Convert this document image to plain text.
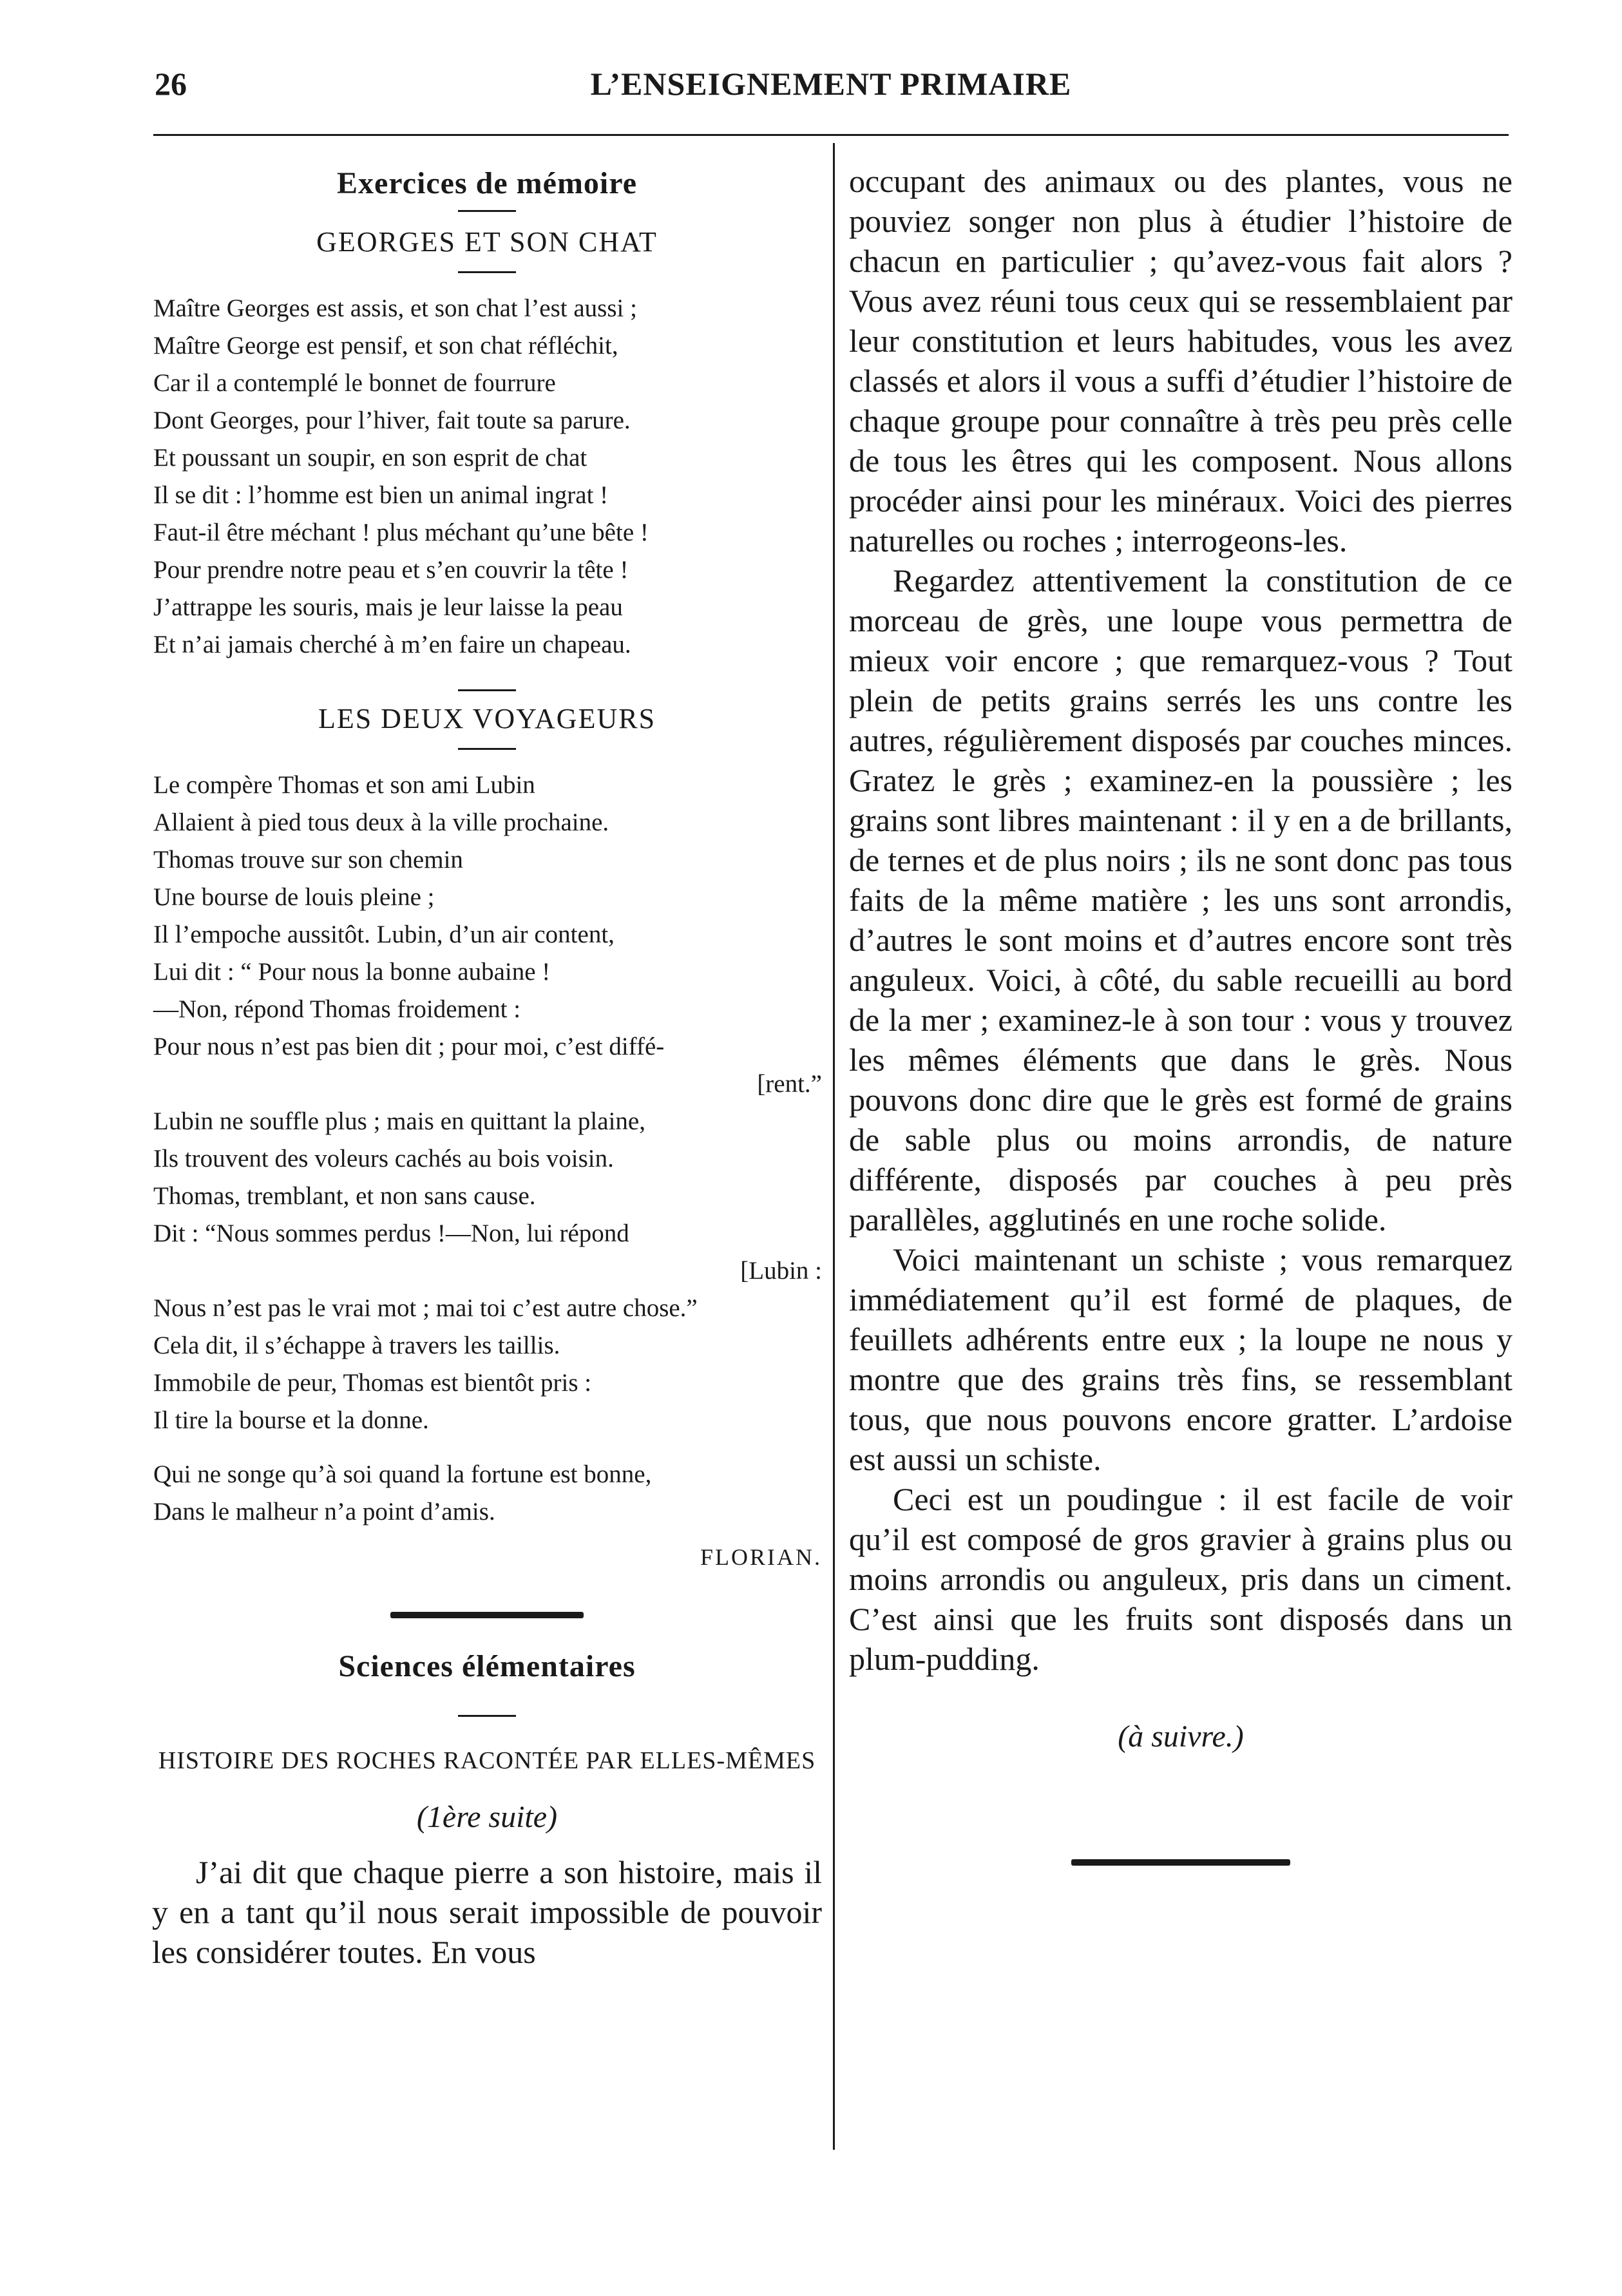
26	L’ENSEIGNEMENT PRIMAIRE
Exercices de mémoire
GEORGES ET SON CHAT
Maître Georges est assis, et son chat l’est aussi ;
Maître George est pensif, et son chat réfléchit,
Car il a contemplé le bonnet de fourrure
Dont Georges, pour l’hiver, fait toute sa parure.
Et poussant un soupir, en son esprit de chat
Il se dit : l’homme est bien un animal ingrat !
Faut-il être méchant ! plus méchant qu’une bête !
Pour prendre notre peau et s’en couvrir la tête !
J’attrappe les souris, mais je leur laisse la peau
Et n’ai jamais cherché à m’en faire un chapeau.
LES DEUX VOYAGEURS
Le compère Thomas et son ami Lubin
Allaient à pied tous deux à la ville prochaine.
Thomas trouve sur son chemin
Une bourse de louis pleine ;
Il l’empoche aussitôt. Lubin, d’un air content,
Lui dit : “ Pour nous la bonne aubaine !
—Non, répond Thomas froidement :
Pour nous n’est pas bien dit ; pour moi, c’est diffé-
[rent.”
Lubin ne souffle plus ; mais en quittant la plaine,
Ils trouvent des voleurs cachés au bois voisin.
Thomas, tremblant, et non sans cause.
Dit : “Nous sommes perdus !—Non, lui répond
[Lubin :
Nous n’est pas le vrai mot ; mai toi c’est autre chose.”
Cela dit, il s’échappe à travers les taillis.
Immobile de peur, Thomas est bientôt pris :
Il tire la bourse et la donne.
Qui ne songe qu’à soi quand la fortune est bonne,
Dans le malheur n’a point d’amis.
FLORIAN.
Sciences élémentaires
HISTOIRE DES ROCHES RACONTÉE PAR ELLES-MÊMES
(1ère suite)

J’ai dit que chaque pierre a son histoire, mais il y en a tant qu’il nous serait impossible de pouvoir les considérer toutes. En vous

occupant des animaux ou des plantes, vous ne pouviez songer non plus à étudier l’histoire de chacun en particulier ; qu’avez-vous fait alors ? Vous avez réuni tous ceux qui se ressemblaient par leur constitution et leurs habitudes, vous les avez classés et alors il vous a suffi d’étudier l’histoire de chaque groupe pour connaître à très peu près celle de tous les êtres qui les composent. Nous allons procéder ainsi pour les minéraux. Voici des pierres naturelles ou roches ; interrogeons-les.

Regardez attentivement la constitution de ce morceau de grès, une loupe vous permettra de mieux voir encore ; que remarquez-vous ? Tout plein de petits grains serrés les uns contre les autres, régulièrement disposés par couches minces. Gratez le grès ; examinez-en la poussière ; les grains sont libres maintenant : il y en a de brillants, de ternes et de plus noirs ; ils ne sont donc pas tous faits de la même matière ; les uns sont arrondis, d’autres le sont moins et d’autres encore sont très anguleux. Voici, à côté, du sable recueilli au bord de la mer ; examinez-le à son tour : vous y trouvez les mêmes éléments que dans le grès. Nous pouvons donc dire que le grès est formé de grains de sable plus ou moins arrondis, de nature différente, disposés par couches à peu près parallèles, agglutinés en une roche solide.

Voici maintenant un schiste ; vous remarquez immédiatement qu’il est formé de plaques, de feuillets adhérents entre eux ; la loupe ne nous y montre que des grains très fins, se ressemblant tous, que nous pouvons encore gratter. L’ardoise est aussi un schiste.

Ceci est un poudingue : il est facile de voir qu’il est composé de gros gravier à grains plus ou moins arrondis ou anguleux, pris dans un ciment. C’est ainsi que les fruits sont disposés dans un plum-pudding.

(à suivre.)
